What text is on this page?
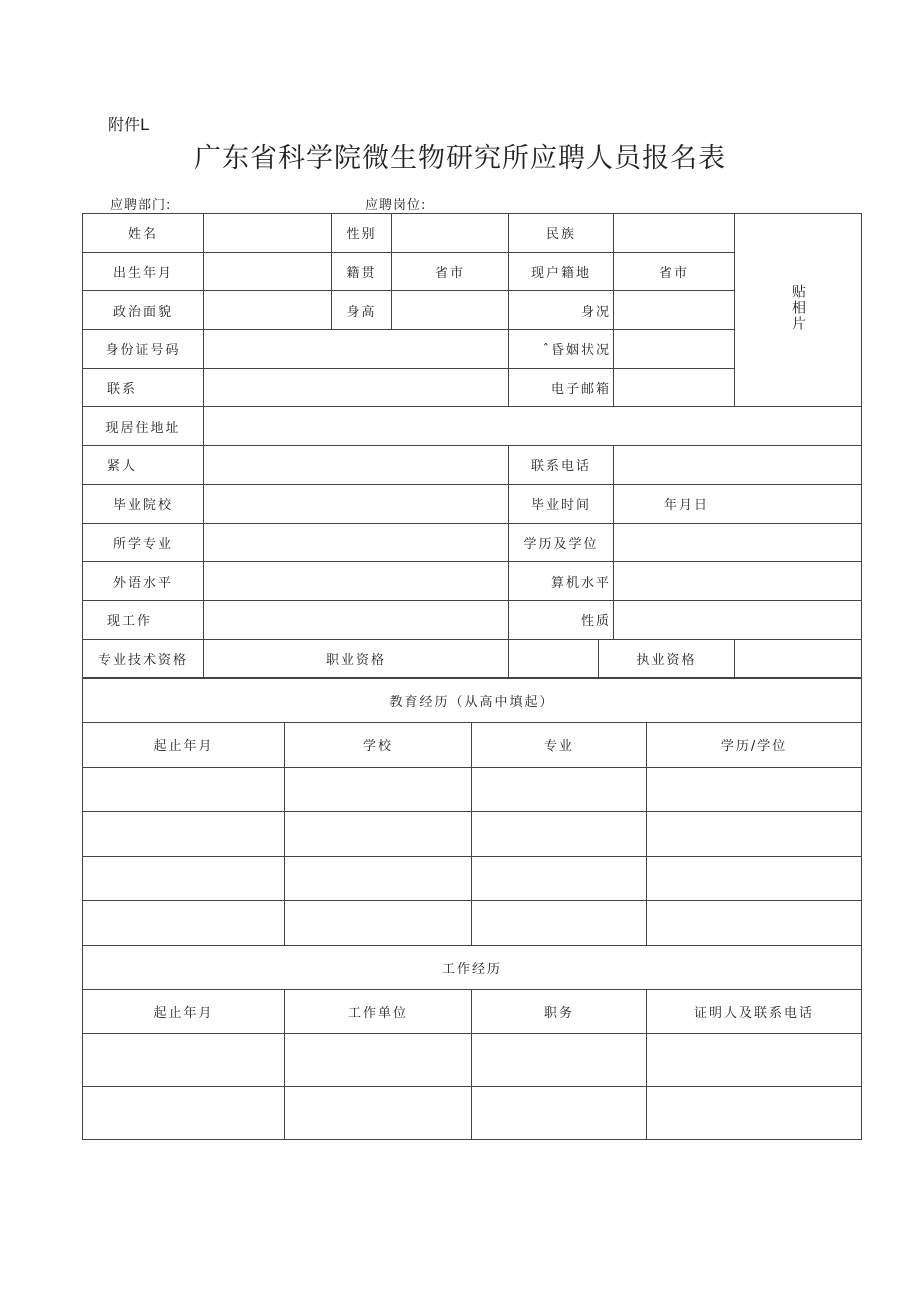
附件L
广东省科学院微生物研究所应聘人员报名表
应聘部门:	应聘岗位:
姓名		性别		民族			贴相片
出生年月		籍贯	省市	现户籍地		省市	
政治面貌		身高		身况			
身份证号码				ˆ昏姻状况			
联系				电子邮箱			
现居住地址							
紧人				联系电话			
毕业院校				毕业时间		年月日	
所学专业				学历及学位			
外语水平				算机水平			
现工作				性质			
专业技术资格	职业资格				执业资格		
教育经历（从高中填起）			
起止年月	学校	专业	学历/学位

工作经历			
起止年月	工作单位	职务	证明人及联系电话
